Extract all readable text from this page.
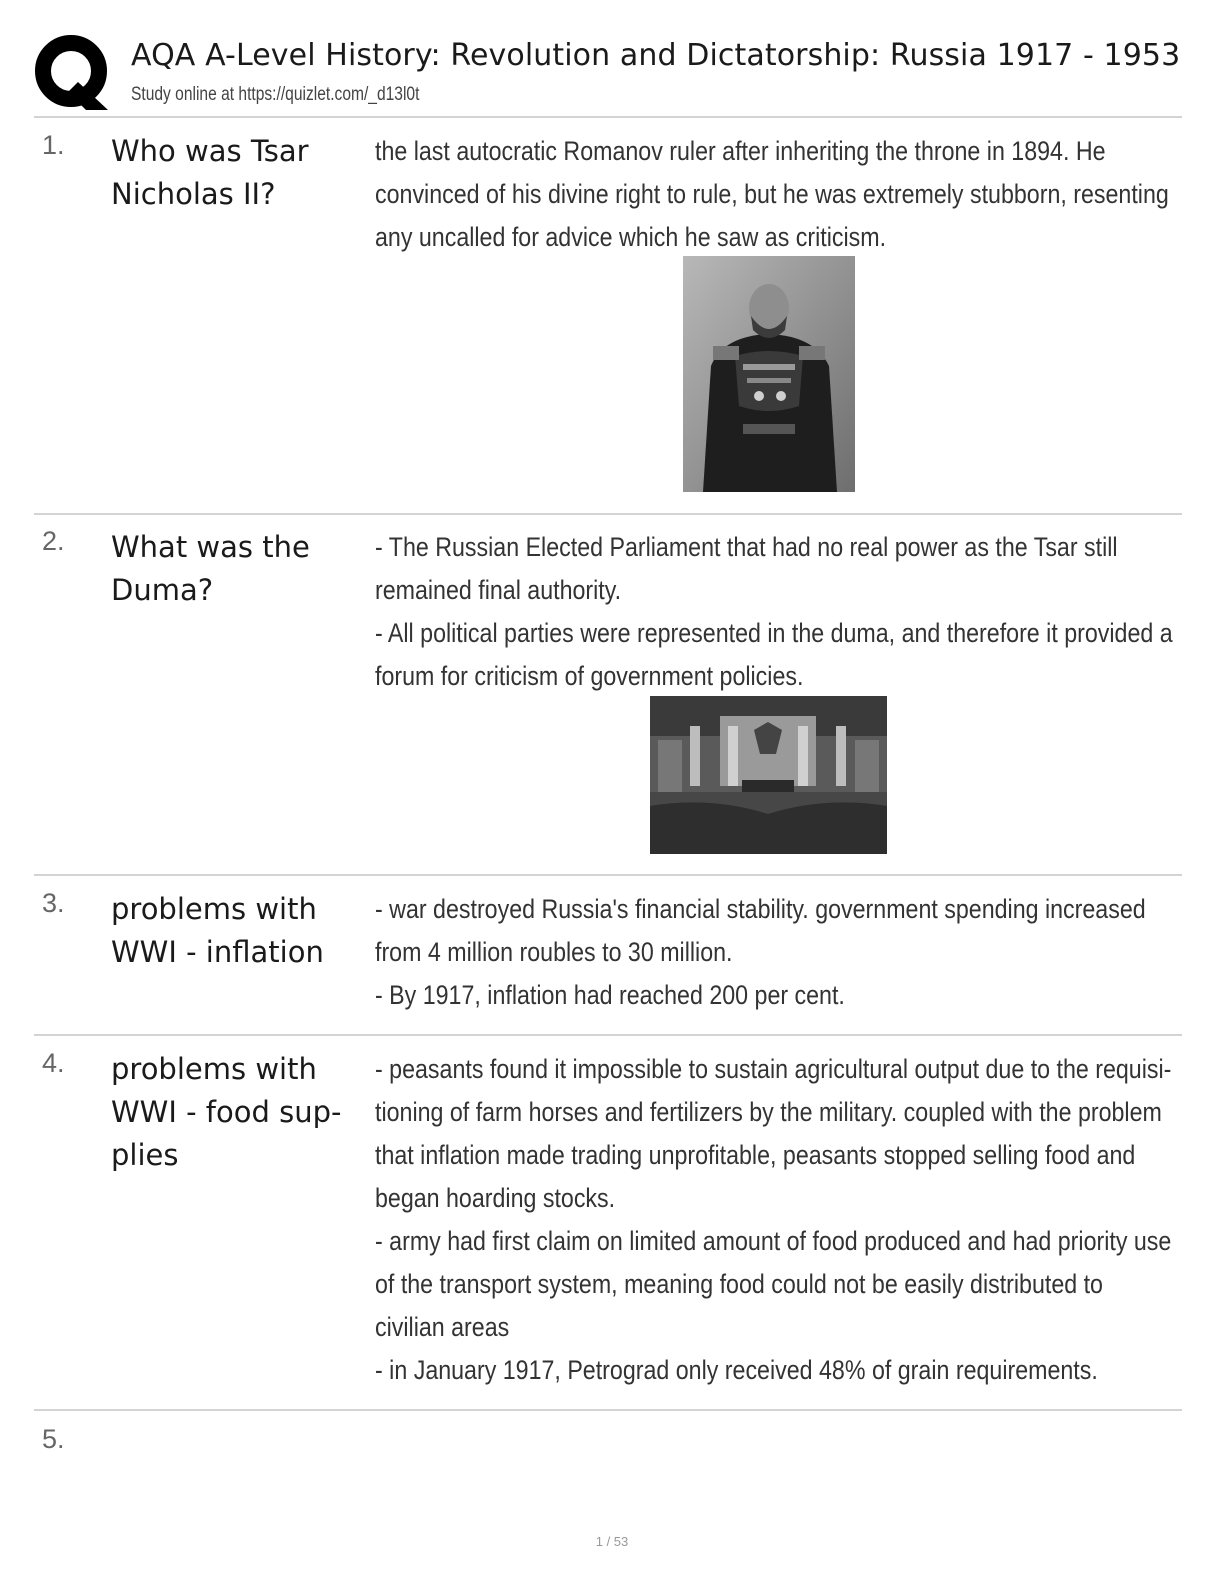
AQA A-Level History: Revolution and Dictatorship: Russia 1917 - 1953
Study online at https://quizlet.com/_d13l0t
1. Who was Tsar Nicholas II?

the last autocratic Romanov ruler after inheriting the throne in 1894. He convinced of his divine right to rule, but he was extremely stubborn, resenting any uncalled for advice which he saw as criticism.

2. What was the Duma?

- The Russian Elected Parliament that had no real power as the Tsar still remained final authority.

- All political parties were represented in the duma, and therefore it provided a forum for criticism of government policies.

3. problems with WWI - inflation

- war destroyed Russia's financial stability. government spending increased from 4 million roubles to 30 million.

- By 1917, inflation had reached 200 per cent.

4. problems with WWI - food sup-plies

- peasants found it impossible to sustain agricultural output due to the requisi-tioning of farm horses and fertilizers by the military. coupled with the problem that inflation made trading unprofitable, peasants stopped selling food and began hoarding stocks.

- army had first claim on limited amount of food produced and had priority use of the transport system, meaning food could not be easily distributed to civilian areas

- in January 1917, Petrograd only received 48% of grain requirements.

5.
1 / 53
